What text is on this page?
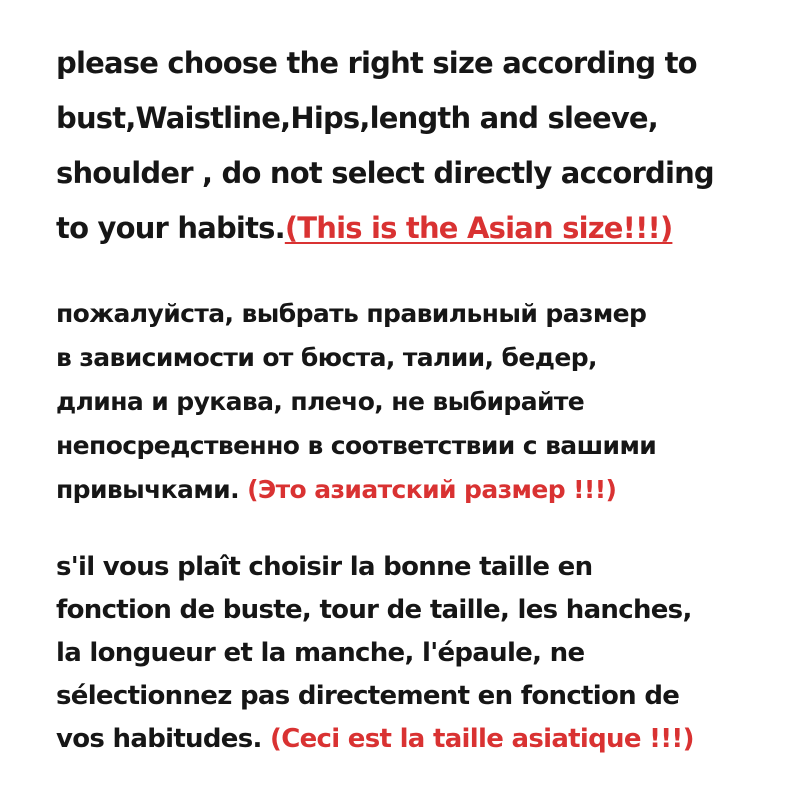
please choose the right size according to
bust,Waistline,Hips,length and sleeve,
shoulder , do not select directly according
to your habits.(This is the Asian size!!!)
пожалуйста, выбрать правильный размер
в зависимости от бюста, талии, бедер,
длина и рукава, плечо, не выбирайте
непосредственно в соответствии с вашими
привычками. (Это азиатский размер !!!)
s'il vous plaît choisir la bonne taille en
fonction de buste, tour de taille, les hanches,
la longueur et la manche, l'épaule, ne
sélectionnez pas directement en fonction de
vos habitudes. (Ceci est la taille asiatique !!!)
